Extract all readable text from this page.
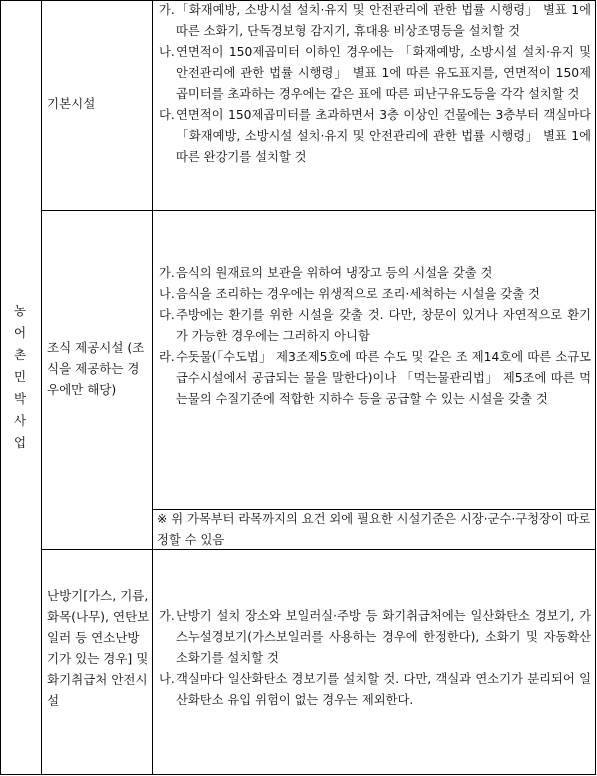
농
어
촌
민
박
사
업
기본시설
가. 「화재예방, 소방시설 설치·유지 및 안전관리에 관한 법률 시행령」 별표 1에 따른 소화기, 단독경보형 감지기, 휴대용 비상조명등을 설치할 것
나. 연면적이 150제곱미터 이하인 경우에는 「화재예방, 소방시설 설치·유지 및 안전관리에 관한 법률 시행령」 별표 1에 따른 유도표지를, 연면적이 150제곱미터를 초과하는 경우에는 같은 표에 따른 피난구유도등을 각각 설치할 것
다. 연면적이 150제곱미터를 초과하면서 3층 이상인 건물에는 3층부터 객실마다 「화재예방, 소방시설 설치·유지 및 안전관리에 관한 법률 시행령」 별표 1에 따른 완강기를 설치할 것
조식 제공시설 (조식을 제공하는 경우에만 해당)
가. 음식의 원재료의 보관을 위하여 냉장고 등의 시설을 갖출 것
나. 음식을 조리하는 경우에는 위생적으로 조리·세척하는 시설을 갖출 것
다. 주방에는 환기를 위한 시설을 갖출 것. 다만, 창문이 있거나 자연적으로 환기가 가능한 경우에는 그러하지 아니함
라. 수돗물(「수도법」 제3조제5호에 따른 수도 및 같은 조 제14호에 따른 소규모급수시설에서 공급되는 물을 말한다)이나 「먹는물관리법」 제5조에 따른 먹는물의 수질기준에 적합한 지하수 등을 공급할 수 있는 시설을 갖출 것
※ 위 가목부터 라목까지의 요건 외에 필요한 시설기준은 시장·군수·구청장이 따로 정할 수 있음
난방기[가스, 기름, 화목(나무), 연탄보일러 등 연소난방기가 있는 경우] 및 화기취급처 안전시설
가. 난방기 설치 장소와 보일러실·주방 등 화기취급처에는 일산화탄소 경보기, 가스누설경보기(가스보일러를 사용하는 경우에 한정한다), 소화기 및 자동확산소화기를 설치할 것
나. 객실마다 일산화탄소 경보기를 설치할 것. 다만, 객실과 연소기가 분리되어 일산화탄소 유입 위험이 없는 경우는 제외한다.
